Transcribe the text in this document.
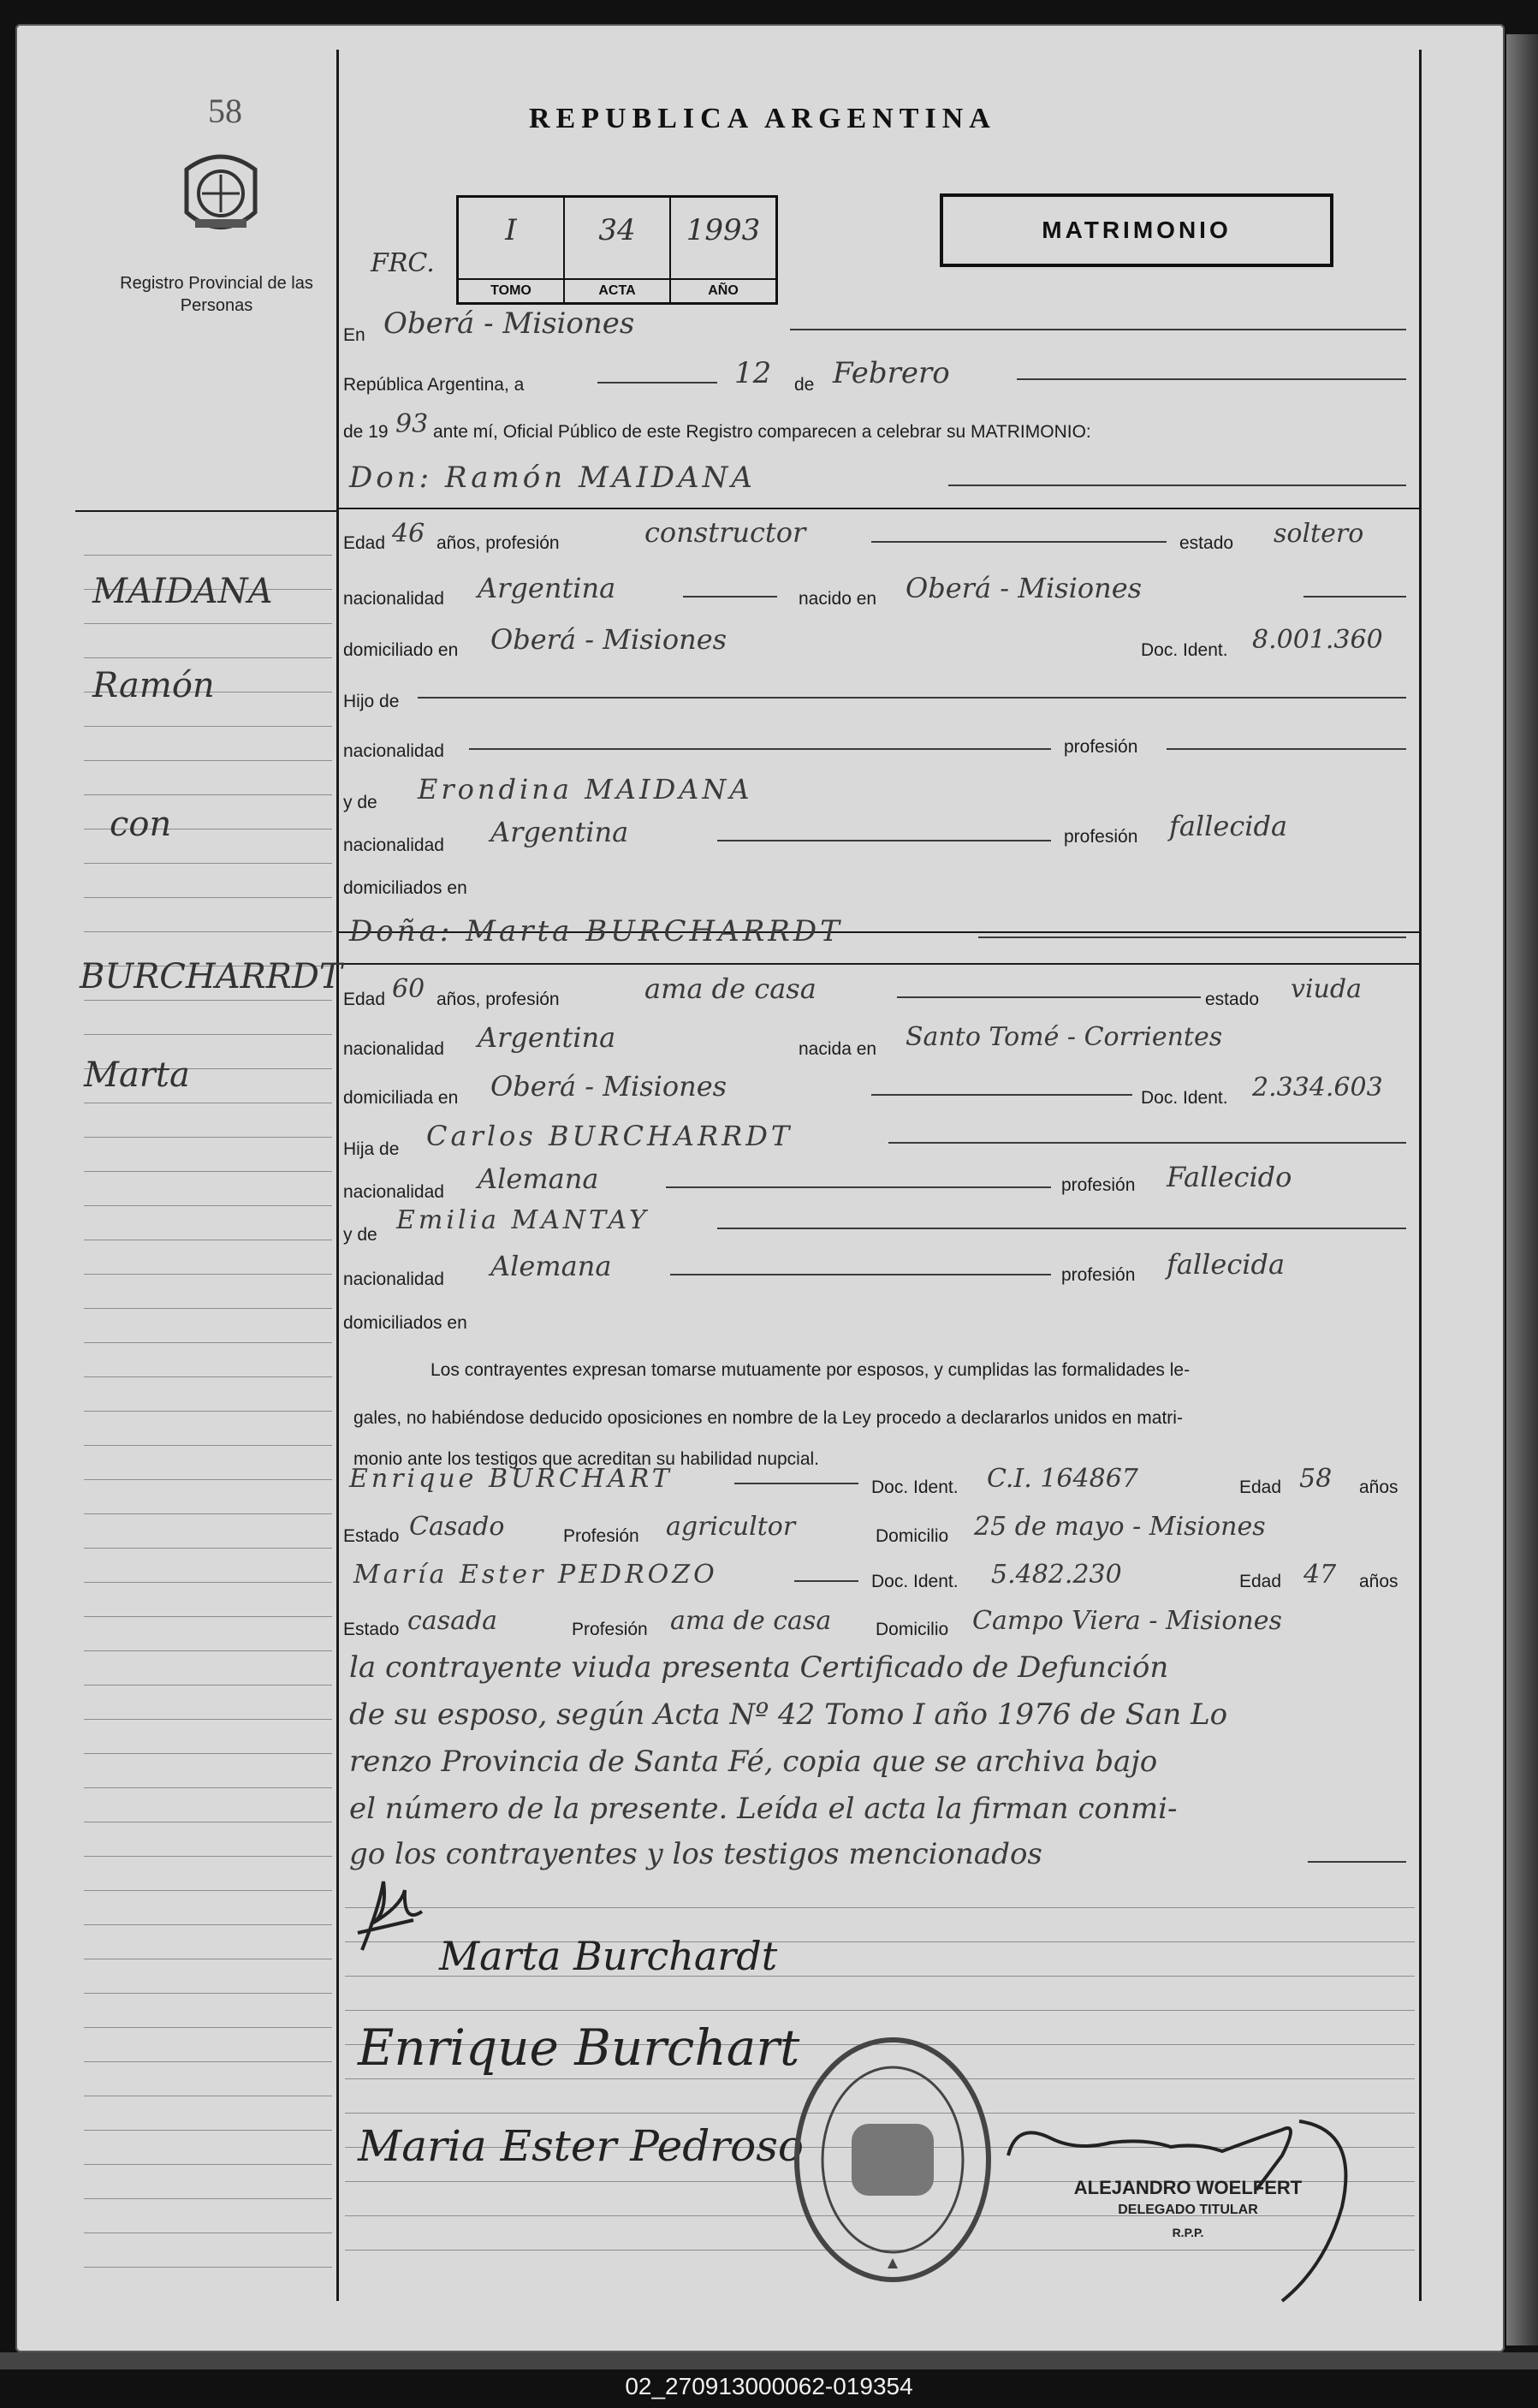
58
Registro Provincial de las Personas
REPUBLICA ARGENTINA
FRC.
I
TOMO
34
ACTA
1993
AÑO
MATRIMONIO
En Oberá - Misiones
República Argentina, a	12 de Febrero
de 19 93 ante mí, Oficial Público de este Registro comparecen a celebrar su MATRIMONIO:
Don: Ramón MAIDANA
Edad 46 años, profesión	constructor	estado soltero
nacionalidad Argentina	nacido en Oberá - Misiones
domiciliado en Oberá - Misiones	Doc. Ident. 8.001.360
Hijo de
nacionalidad	profesión
y de Erondina MAIDANA
nacionalidad Argentina	profesión fallecida
domiciliados en
Doña: Marta BURCHARRDT
Edad 60 años, profesión	ama de casa	estado viuda
nacionalidad Argentina	nacida en Santo Tomé - Corrientes
domiciliada en Oberá - Misiones	Doc. Ident. 2.334.603
Hija de Carlos BURCHARRDT
nacionalidad Alemana	profesión Fallecido
y de Emilia MANTAY
nacionalidad Alemana	profesión fallecida
domiciliados en
Los contrayentes expresan tomarse mutuamente por esposos, y cumplidas las formalidades le-
gales, no habiéndose deducido oposiciones en nombre de la Ley procedo a declararlos unidos en matri-
monio ante los testigos que acreditan su habilidad nupcial.
Enrique BURCHART	Doc. Ident. C.I. 164867	Edad 58 años
Estado Casado	Profesión agricultor	Domicilio 25 de mayo - Misiones
María Ester PEDROZO	Doc. Ident. 5.482.230	Edad 47 años
Estado casada	Profesión ama de casa Domicilio Campo Viera - Misiones
la contrayente viuda presenta Certificado de Defunción
de su esposo, según Acta Nº 42 Tomo I año 1976 de San Lo
renzo Provincia de Santa Fé, copia que se archiva bajo
el número de la presente. Leída el acta la firman conmi-
go los contrayentes y los testigos mencionados
Marta Burchardt
Enrique Burchart
Maria Ester Pedroso
ALEJANDRO WOELFERT
DELEGADO TITULAR
R.P.P.
MAIDANA
Ramón
con
BURCHARRDT
Marta
02_270913000062-019354
